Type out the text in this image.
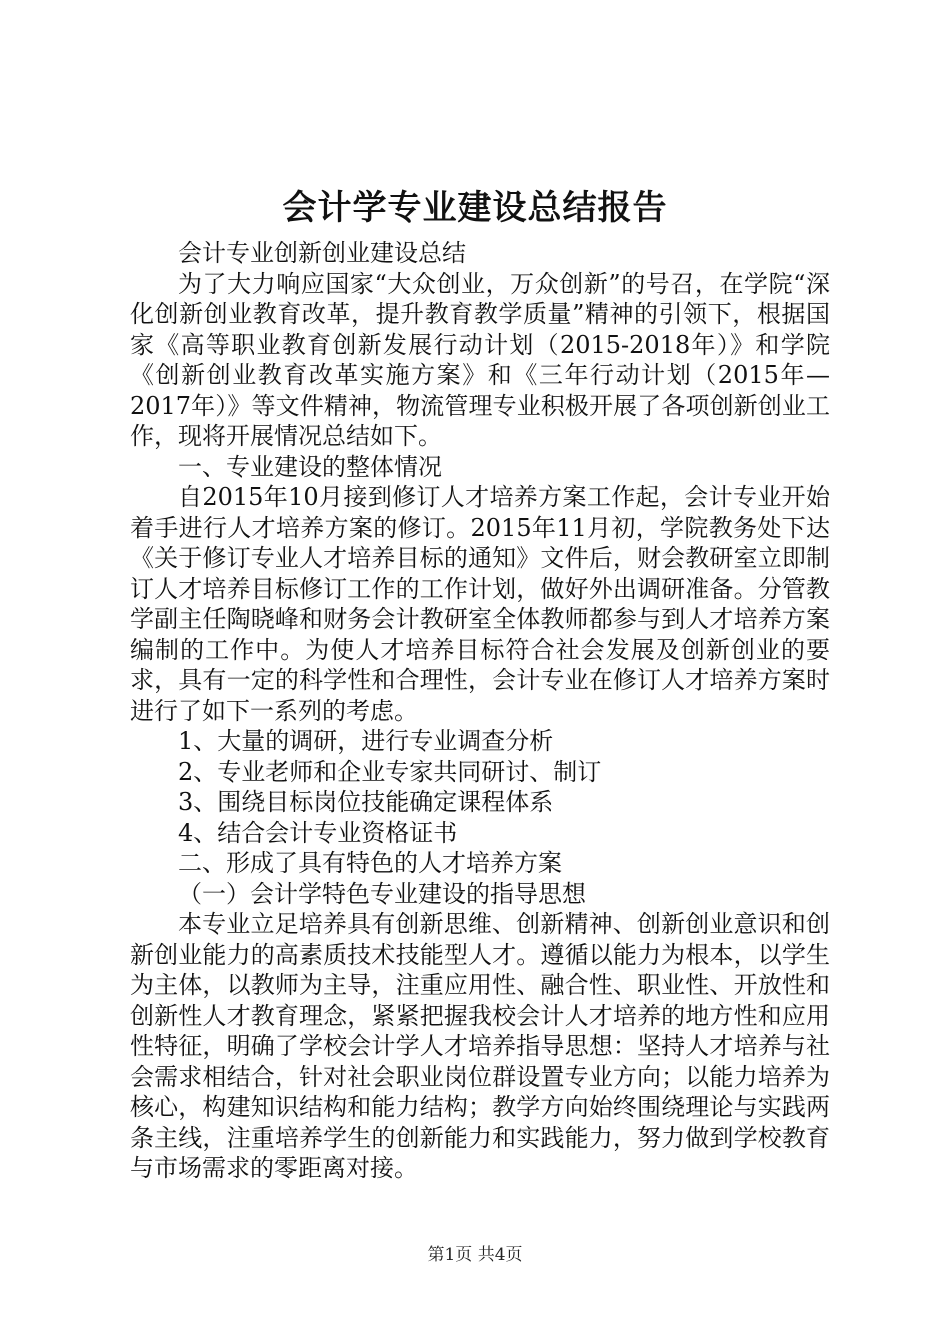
会计学专业建设总结报告

会计专业创新创业建设总结

为了大力响应国家“大众创业，万众创新”的号召，在学院“深化创新创业教育改革，提升教育教学质量”精神的引领下，根据国家《高等职业教育创新发展行动计划（2015-2018年）》和学院《创新创业教育改革实施方案》和《三年行动计划（2015年—2017年）》等文件精神，物流管理专业积极开展了各项创新创业工作，现将开展情况总结如下。

一、专业建设的整体情况

自2015年10月接到修订人才培养方案工作起，会计专业开始着手进行人才培养方案的修订。2015年11月初，学院教务处下达《关于修订专业人才培养目标的通知》文件后，财会教研室立即制订人才培养目标修订工作的工作计划，做好外出调研准备。分管教学副主任陶晓峰和财务会计教研室全体教师都参与到人才培养方案编制的工作中。为使人才培养目标符合社会发展及创新创业的要求，具有一定的科学性和合理性，会计专业在修订人才培养方案时进行了如下一系列的考虑。

1、大量的调研，进行专业调查分析

2、专业老师和企业专家共同研讨、制订

3、围绕目标岗位技能确定课程体系

4、结合会计专业资格证书

二、形成了具有特色的人才培养方案

（一）会计学特色专业建设的指导思想

本专业立足培养具有创新思维、创新精神、创新创业意识和创新创业能力的高素质技术技能型人才。遵循以能力为根本，以学生为主体，以教师为主导，注重应用性、融合性、职业性、开放性和创新性人才教育理念，紧紧把握我校会计人才培养的地方性和应用性特征，明确了学校会计学人才培养指导思想：坚持人才培养与社会需求相结合，针对社会职业岗位群设置专业方向；以能力培养为核心，构建知识结构和能力结构；教学方向始终围绕理论与实践两条主线，注重培养学生的创新能力和实践能力，努力做到学校教育与市场需求的零距离对接。

第1页 共4页
